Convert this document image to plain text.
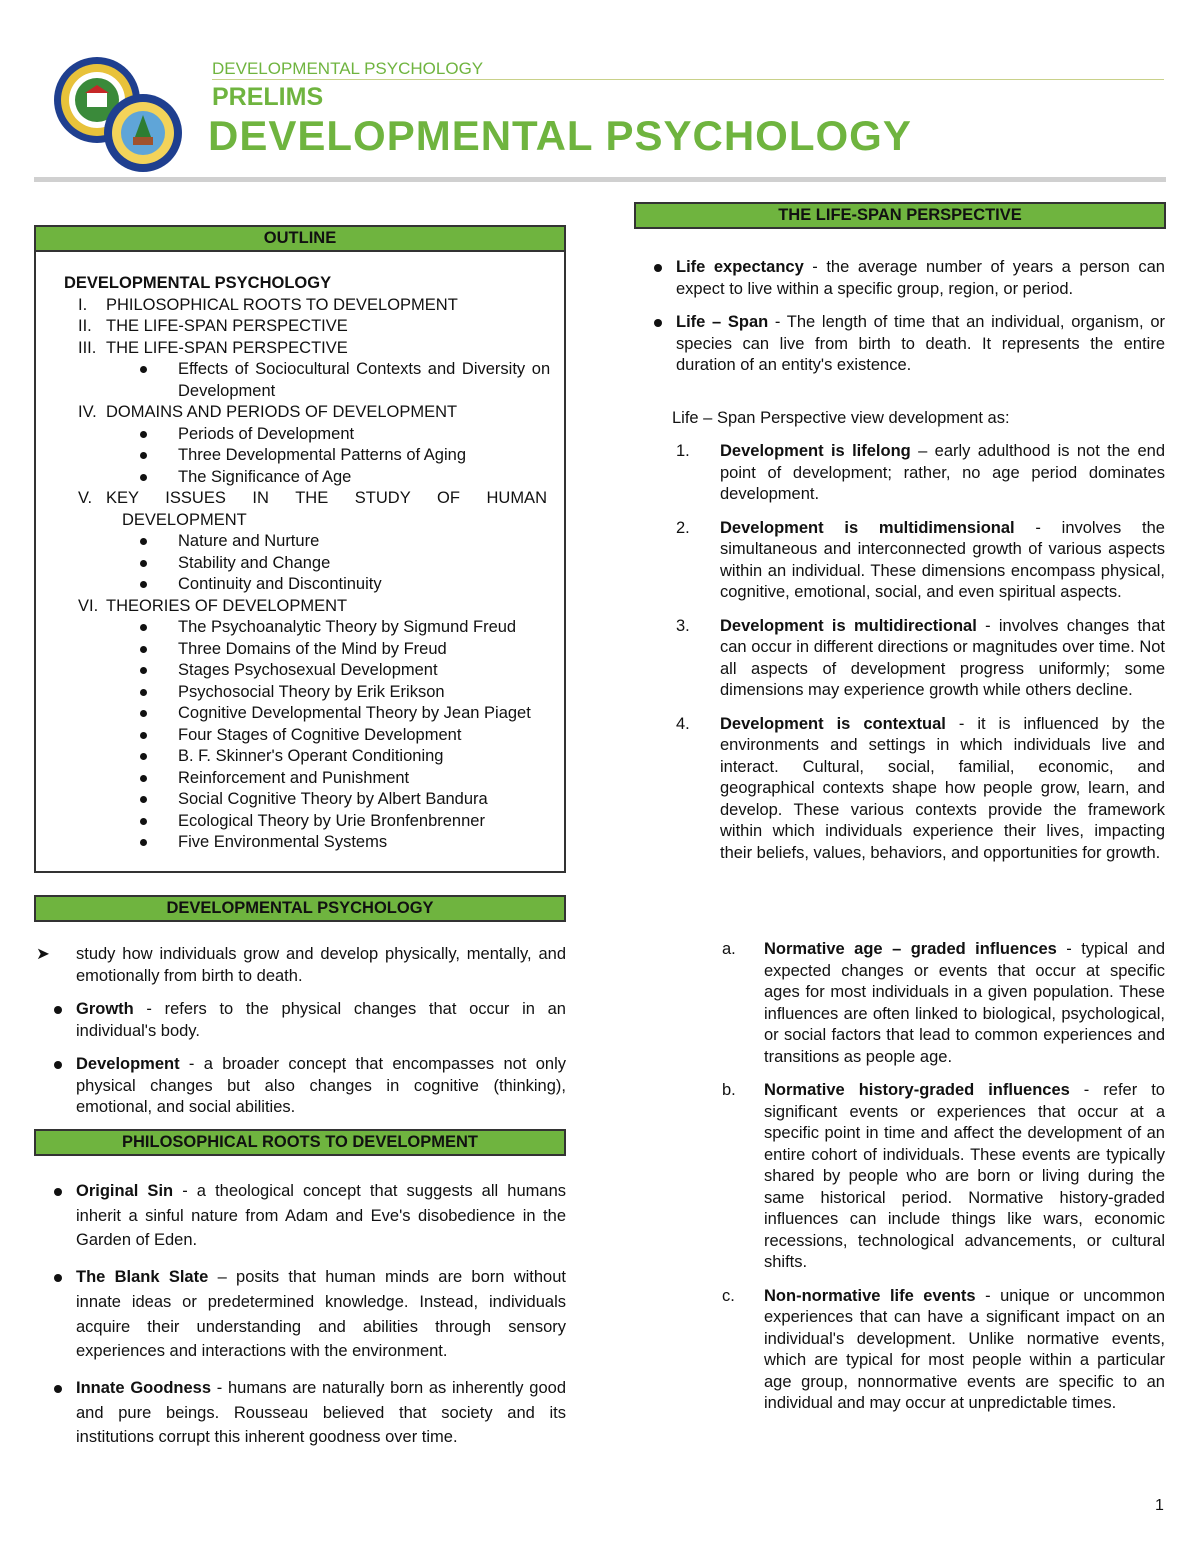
DEVELOPMENTAL PSYCHOLOGY
PRELIMS
DEVELOPMENTAL PSYCHOLOGY
OUTLINE
DEVELOPMENTAL PSYCHOLOGY
I. PHILOSOPHICAL ROOTS TO DEVELOPMENT
II. THE LIFE-SPAN PERSPECTIVE
III. THE LIFE-SPAN PERSPECTIVE
Effects of Sociocultural Contexts and Diversity on
Development
IV. DOMAINS AND PERIODS OF DEVELOPMENT
Periods of Development
Three Developmental Patterns of Aging
The Significance of Age
V. KEY ISSUES IN THE STUDY OF HUMAN
DEVELOPMENT
Nature and Nurture
Stability and Change
Continuity and Discontinuity
VI. THEORIES OF DEVELOPMENT
The Psychoanalytic Theory by Sigmund Freud
Three Domains of the Mind by Freud
Stages Psychosexual Development
Psychosocial Theory by Erik Erikson
Cognitive Developmental Theory by Jean Piaget
Four Stages of Cognitive Development
B. F. Skinner's Operant Conditioning
Reinforcement and Punishment
Social Cognitive Theory by Albert Bandura
Ecological Theory by Urie Bronfenbrenner
Five Environmental Systems
DEVELOPMENTAL PSYCHOLOGY
➤ study how individuals grow and develop physically, mentally, and emotionally from birth to death.
Growth - refers to the physical changes that occur in an individual's body.
Development - a broader concept that encompasses not only physical changes but also changes in cognitive (thinking), emotional, and social abilities.
PHILOSOPHICAL ROOTS TO DEVELOPMENT
Original Sin - a theological concept that suggests all humans inherit a sinful nature from Adam and Eve's disobedience in the Garden of Eden.
The Blank Slate – posits that human minds are born without innate ideas or predetermined knowledge. Instead, individuals acquire their understanding and abilities through sensory experiences and interactions with the environment.
Innate Goodness - humans are naturally born as inherently good and pure beings. Rousseau believed that society and its institutions corrupt this inherent goodness over time.
THE LIFE-SPAN PERSPECTIVE
Life expectancy - the average number of years a person can expect to live within a specific group, region, or period.
Life – Span - The length of time that an individual, organism, or species can live from birth to death. It represents the entire duration of an entity's existence.
Life – Span Perspective view development as:
1. Development is lifelong – early adulthood is not the end point of development; rather, no age period dominates development.
2. Development is multidimensional - involves the simultaneous and interconnected growth of various aspects within an individual. These dimensions encompass physical, cognitive, emotional, social, and even spiritual aspects.
3. Development is multidirectional - involves changes that can occur in different directions or magnitudes over time. Not all aspects of development progress uniformly; some dimensions may experience growth while others decline.
4. Development is contextual - it is influenced by the environments and settings in which individuals live and interact. Cultural, social, familial, economic, and geographical contexts shape how people grow, learn, and develop. These various contexts provide the framework within which individuals experience their lives, impacting their beliefs, values, behaviors, and opportunities for growth.
a. Normative age – graded influences - typical and expected changes or events that occur at specific ages for most individuals in a given population. These influences are often linked to biological, psychological, or social factors that lead to common experiences and transitions as people age.
b. Normative history-graded influences - refer to significant events or experiences that occur at a specific point in time and affect the development of an entire cohort of individuals. These events are typically shared by people who are born or living during the same historical period. Normative history-graded influences can include things like wars, economic recessions, technological advancements, or cultural shifts.
c. Non-normative life events - unique or uncommon experiences that can have a significant impact on an individual's development. Unlike normative events, which are typical for most people within a particular age group, nonnormative events are specific to an individual and may occur at unpredictable times.
1
